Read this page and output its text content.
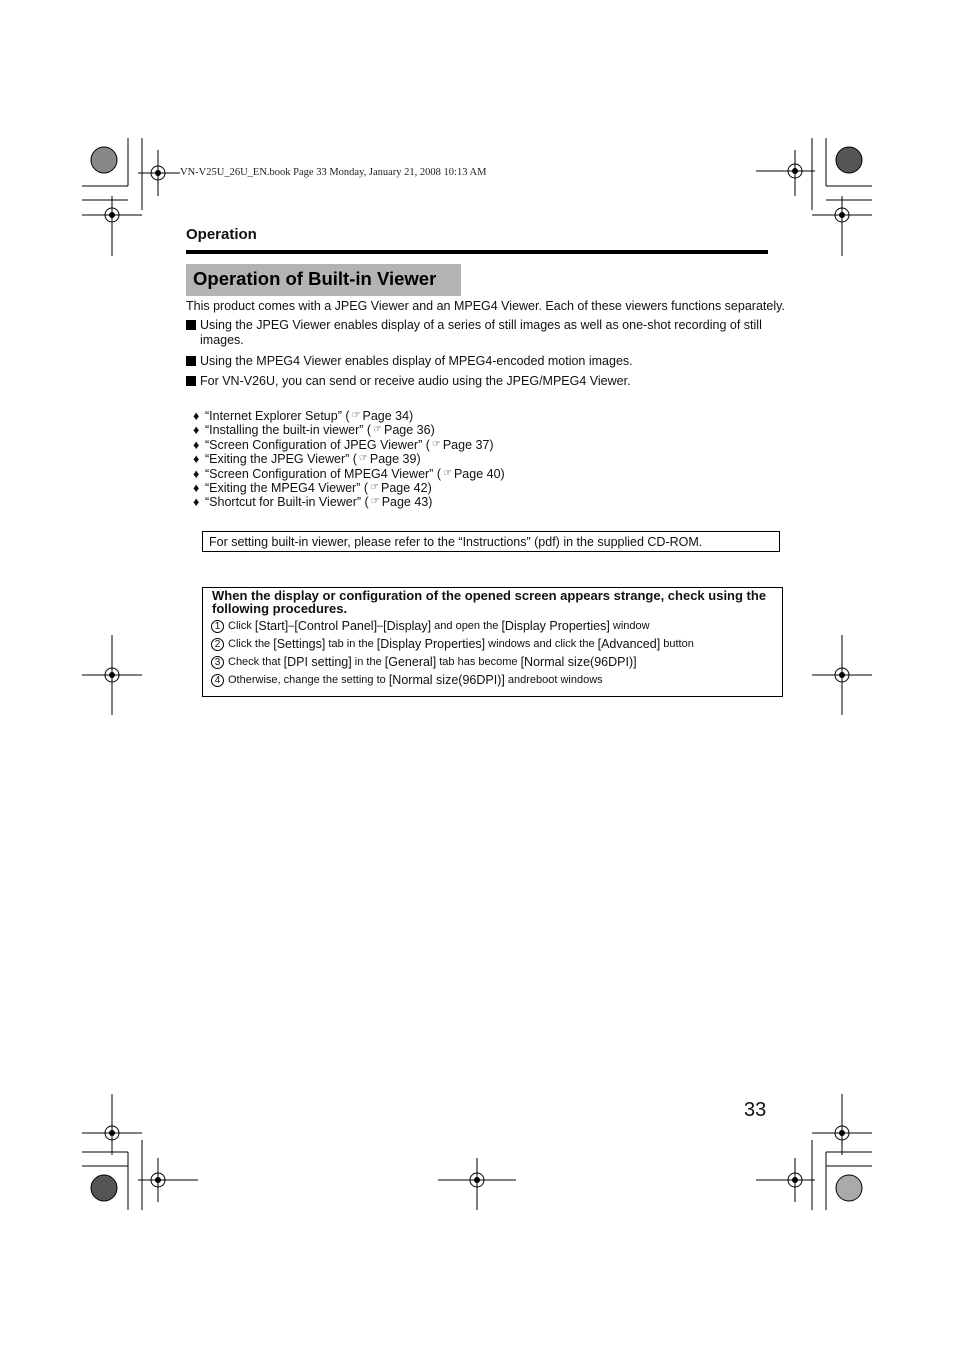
VN-V25U_26U_EN.book Page 33 Monday, January 21, 2008 10:13 AM
Operation
Operation of Built-in Viewer
This product comes with a JPEG Viewer and an MPEG4 Viewer. Each of these viewers functions separately.
Using the JPEG Viewer enables display of a series of still images as well as one-shot recording of still images.
Using the MPEG4 Viewer enables display of MPEG4-encoded motion images.
For VN-V26U, you can send or receive audio using the JPEG/MPEG4 Viewer.
♦ “Internet Explorer Setup” ( ☞ Page 34)
♦ “Installing the built-in viewer” ( ☞ Page 36)
♦ “Screen Configuration of JPEG Viewer” ( ☞ Page 37)
♦ “Exiting the JPEG Viewer” ( ☞ Page 39)
♦ “Screen Configuration of MPEG4 Viewer” ( ☞ Page 40)
♦ “Exiting the MPEG4 Viewer” ( ☞ Page 42)
♦ “Shortcut for Built-in Viewer” ( ☞ Page 43)
For setting built-in viewer, please refer to the “Instructions” (pdf) in the supplied CD-ROM.
When the display or configuration of the opened screen appears strange, check using the following procedures.
1 Click [Start] – [Control Panel] – [Display] and open the [Display Properties] window
2 Click the [Settings] tab in the [Display Properties] windows and click the [Advanced] button
3 Check that [DPI setting] in the [General] tab has become [Normal size(96DPI)]
4 Otherwise, change the setting to [Normal size(96DPI)] andreboot windows
33
